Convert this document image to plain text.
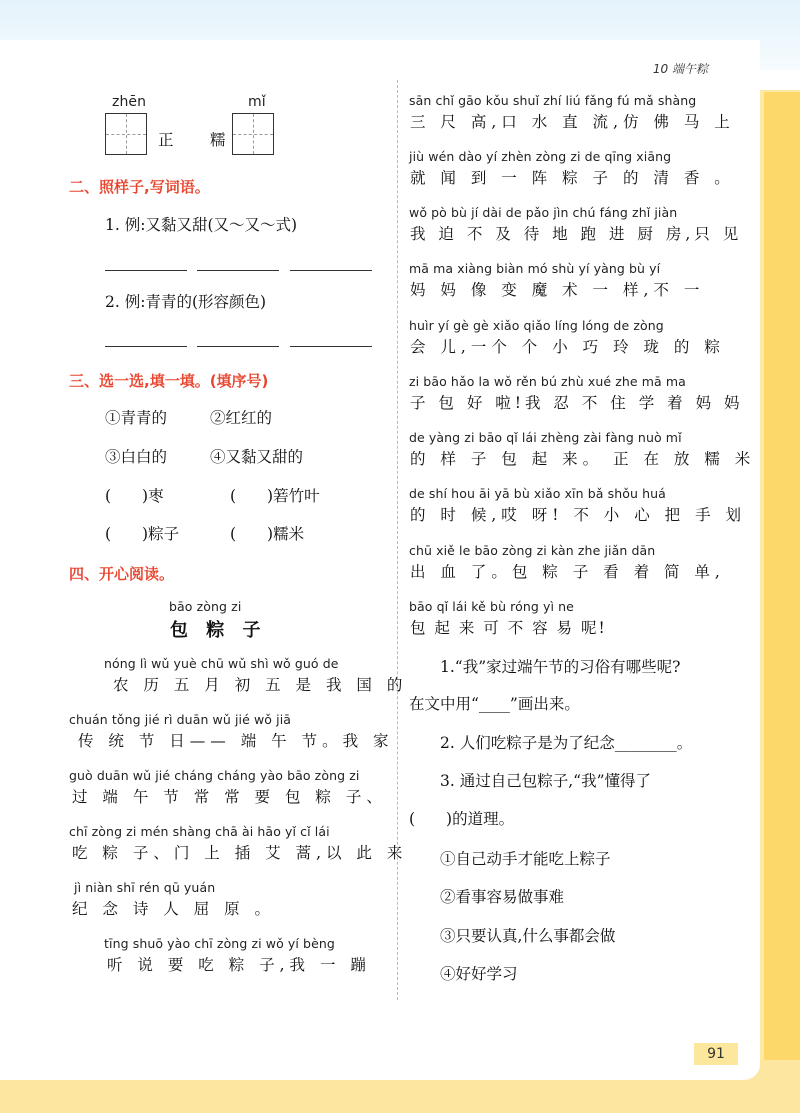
10 端午粽
zhēn
正 糯
mǐ
二、照样子,写词语。
1. 例:又黏又甜(又～又～式)
2. 例:青青的(形容颜色)
三、选一选,填一填。(填序号)
①青青的	②红红的
③白白的	④又黏又甜的
(　　)枣	(　　)箬竹叶
(　　)粽子	(　　)糯米
四、开心阅读。
bāo zòng zi
包 粽 子
nóng lì wǔ yuè chū wǔ shì wǒ guó de
农 历 五 月 初 五 是 我 国 的
chuán tǒng jié rì duān wǔ jié wǒ jiā
传 统 节 日—— 端 午 节。我 家
guò duān wǔ jié cháng cháng yào bāo zòng zi
过 端 午 节 常 常 要 包 粽 子、
chī zòng zi mén shàng chā ài hāo yǐ cǐ lái
吃 粽 子、门 上 插 艾 蒿,以 此 来
jì niàn shī rén qū yuán
纪 念 诗 人 屈 原 。
tīng shuō yào chī zòng zi wǒ yí bèng
听 说 要 吃 粽 子,我 一 蹦
sān chǐ gāo kǒu shuǐ zhí liú fǎng fú mǎ shàng
三 尺 高,口 水 直 流,仿 佛 马 上
jiù wén dào yí zhèn zòng zi de qīng xiāng
就 闻 到 一 阵 粽 子 的 清 香 。
wǒ pò bù jí dài de pǎo jìn chú fáng zhǐ jiàn
我 迫 不 及 待 地 跑 进 厨 房,只 见
mā ma xiàng biàn mó shù yí yàng bù yí
妈 妈 像 变 魔 术 一 样,不 一
huìr yí gè gè xiǎo qiǎo líng lóng de zòng
会 儿,一个 个 小 巧 玲 珑 的 粽
zi bāo hǎo la wǒ rěn bú zhù xué zhe mā ma
子 包 好 啦!我 忍 不 住 学 着 妈 妈
de yàng zi bāo qǐ lái zhèng zài fàng nuò mǐ
的 样 子 包 起 来。 正 在 放 糯 米
de shí hou āi yā bù xiǎo xīn bǎ shǒu huá
的 时 候,哎 呀! 不 小 心 把 手 划
chū xiě le bāo zòng zi kàn zhe jiǎn dān
出 血 了。包 粽 子 看 着 简 单,
bāo qǐ lái kě bù róng yì ne
包 起 来 可 不 容 易 呢!
1.“我”家过端午节的习俗有哪些呢?
在文中用“____”画出来。
2. 人们吃粽子是为了纪念________。
3. 通过自己包粽子,“我”懂得了
(　　)的道理。
①自己动手才能吃上粽子
②看事容易做事难
③只要认真,什么事都会做
④好好学习
91
